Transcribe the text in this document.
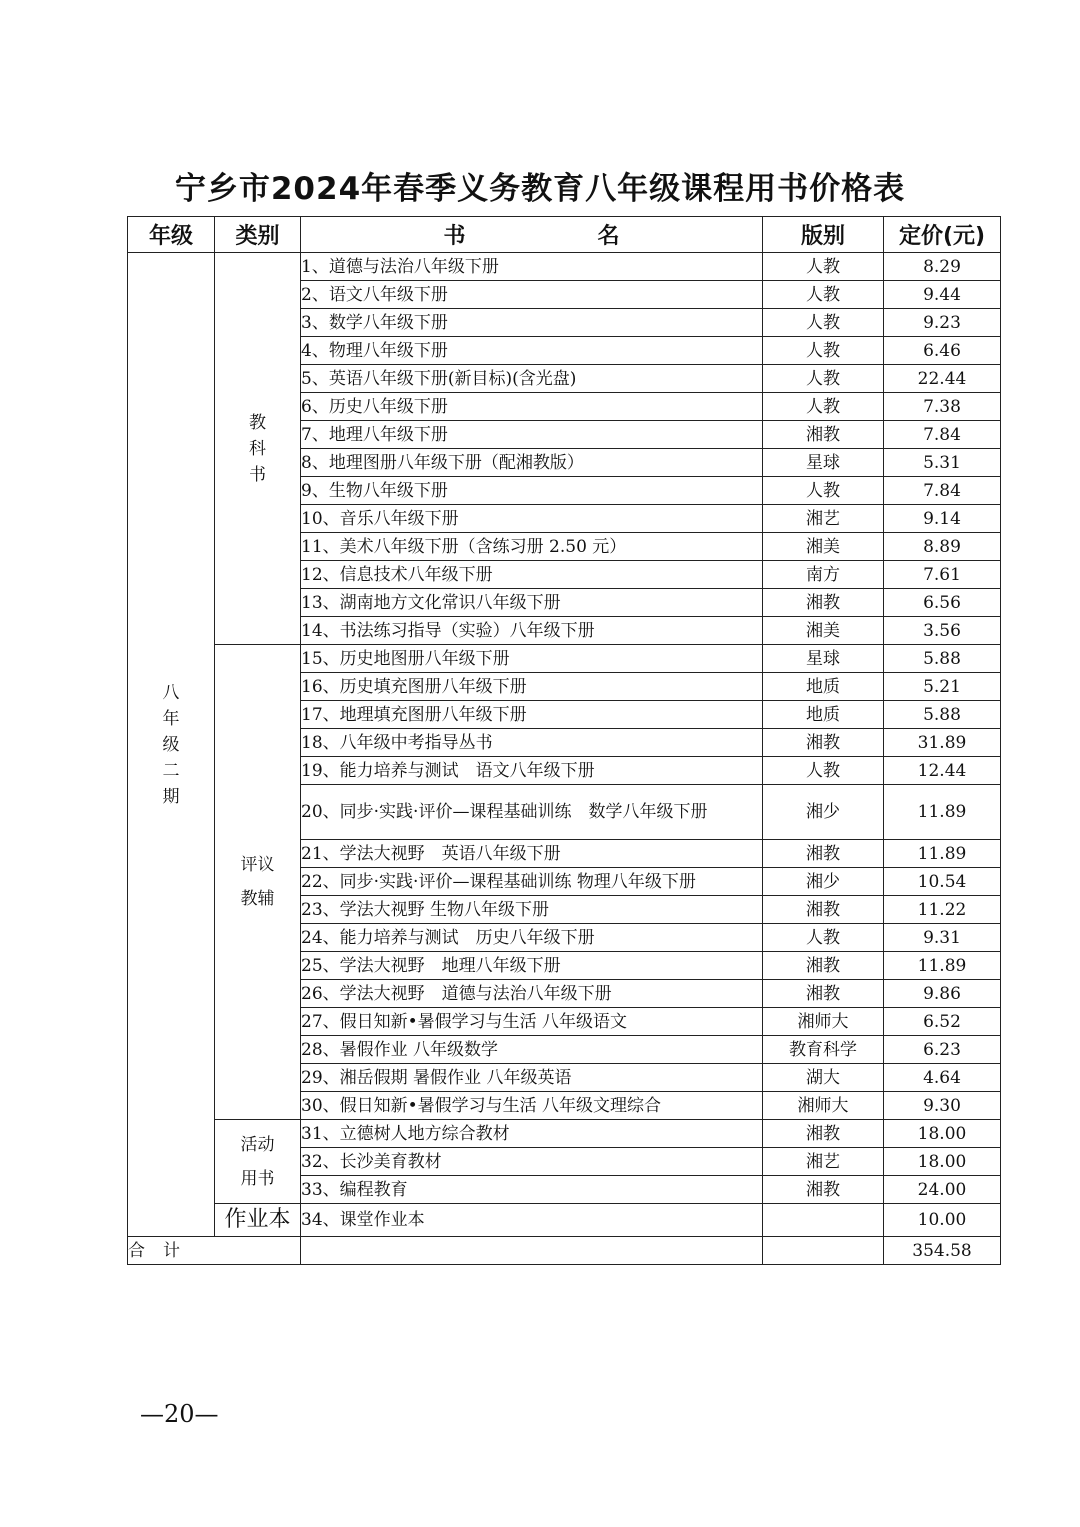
宁乡市2024年春季义务教育八年级课程用书价格表
年级	类别	书　　　　　　名	版别	定价(元)
八年级二期	教科书	1、道德与法治八年级下册	人教	8.29
		2、语文八年级下册	人教	9.44
		3、数学八年级下册	人教	9.23
		4、物理八年级下册	人教	6.46
		5、英语八年级下册(新目标)(含光盘)	人教	22.44
		6、历史八年级下册	人教	7.38
		7、地理八年级下册	湘教	7.84
		8、地理图册八年级下册（配湘教版）	星球	5.31
		9、生物八年级下册	人教	7.84
		10、音乐八年级下册	湘艺	9.14
		11、美术八年级下册（含练习册 2.50 元）	湘美	8.89
		12、信息技术八年级下册	南方	7.61
		13、湖南地方文化常识八年级下册	湘教	6.56
		14、书法练习指导（实验）八年级下册	湘美	3.56
	评议教辅	15、历史地图册八年级下册	星球	5.88
		16、历史填充图册八年级下册	地质	5.21
		17、地理填充图册八年级下册	地质	5.88
		18、八年级中考指导丛书	湘教	31.89
		19、能力培养与测试　语文八年级下册	人教	12.44
		20、同步·实践·评价—课程基础训练　数学八年级下册	湘少	11.89
		21、学法大视野　英语八年级下册	湘教	11.89
		22、同步·实践·评价—课程基础训练 物理八年级下册	湘少	10.54
		23、学法大视野 生物八年级下册	湘教	11.22
		24、能力培养与测试　历史八年级下册	人教	9.31
		25、学法大视野　地理八年级下册	湘教	11.89
		26、学法大视野　道德与法治八年级下册	湘教	9.86
		27、假日知新•暑假学习与生活 八年级语文	湘师大	6.52
		28、暑假作业 八年级数学	教育科学	6.23
		29、湘岳假期 暑假作业 八年级英语	湖大	4.64
		30、假日知新•暑假学习与生活 八年级文理综合	湘师大	9.30
	活动用书	31、立德树人地方综合教材	湘教	18.00
		32、长沙美育教材	湘艺	18.00
		33、编程教育	湘教	24.00
	作业本	34、课堂作业本		10.00
合计				354.58
—20—
